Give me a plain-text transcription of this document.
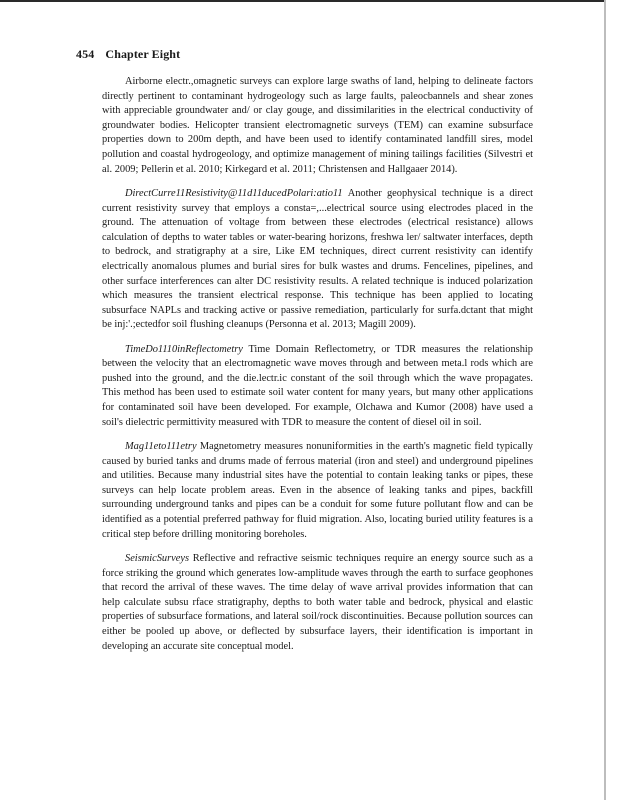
454 Chapter Eight

Airborne electr.,omagnetic surveys can explore large swaths of land, helping to delineate factors directly pertinent to contaminant hydrogeology such as large faults, paleocbannels and shear zones with appreciable groundwater and/ or clay gouge, and dissimilarities in the electrical conductivity of groundwater bodies. Helicopter transient electromagnetic surveys (TEM) can examine subsurface properties down to 200m depth, and have been used to identify contaminated landfill sires, model pollution and coastal hydrogeology, and optimize management of mining tailings facilities (Silvestri et al. 2009; Pellerin et al. 2010; Kirkegard et al. 2011; Christensen and Hallgaaer 2014).

DirectCurre11Resistivity@11d11ducedPolari:atio11 Another geophysical technique is a direct current resistivity survey that employs a consta=,...electrical source using electrodes placed in the ground. The attenuation of voltage from between these electrodes (electrical resistance) allows calculation of depths to water tables or water-bearing horizons, freshwa ler/ saltwater interfaces, depth to bedrock, and stratigraphy at a sire, Like EM techniques, direct current resistivity can identify electrically anomalous plumes and burial sires for bulk wastes and drums. Fencelines, pipelines, and other surface interferences can alter DC resistivity results. A related technique is induced polarization which measures the transient electrical response. This technique has been applied to locating subsurface NAPLs and tracking active or passive remediation, particularly for surfa.dctant that might be inj:'.;ectedfor soil flushing cleanups (Personna et al. 2013; Magill 2009).

TimeDo1110inReflectometry Time Domain Reflectometry, or TDR measures the relationship between the velocity that an electromagnetic wave moves through and between meta.l rods which are pushed into the ground, and the die.lectr.ic constant of the soil through which the wave propagates. This method has been used to estimate soil water content for many years, but many other applications for contaminated soil have been developed. For example, Olchawa and Kumor (2008) have used a soil's dielectric permittivity measured with TDR to measure the content of diesel oil in soil.

Mag11eto111etry Magnetometry measures nonuniformities in the earth's magnetic field typically caused by buried tanks and drums made of ferrous material (iron and steel) and underground pipelines and utilities. Because many industrial sites have the potential to contain leaking tanks or pipes, these surveys can help locate problem areas. Even in the absence of leaking tanks and pipes, backfill surrounding underground tanks and pipes can be a conduit for some future pollutant flow and can be identified as a potential preferred pathway for fluid migration. Also, locating buried utility features is a critical step before drilling monitoring boreholes.

SeismicSurveys Reflective and refractive seismic techniques require an energy source such as a force striking the ground which generates low-amplitude waves through the earth to surface geophones that record the arrival of these waves. The time delay of wave arrival provides information that can help calculate subsu rface stratigraphy, depths to both water table and bedrock, physical and elastic properties of subsurface formations, and lateral soil/rock discontinuities. Because pollution sources can either be pooled up above, or deflected by subsurface layers, their identification is important in developing an accurate site conceptual model.
